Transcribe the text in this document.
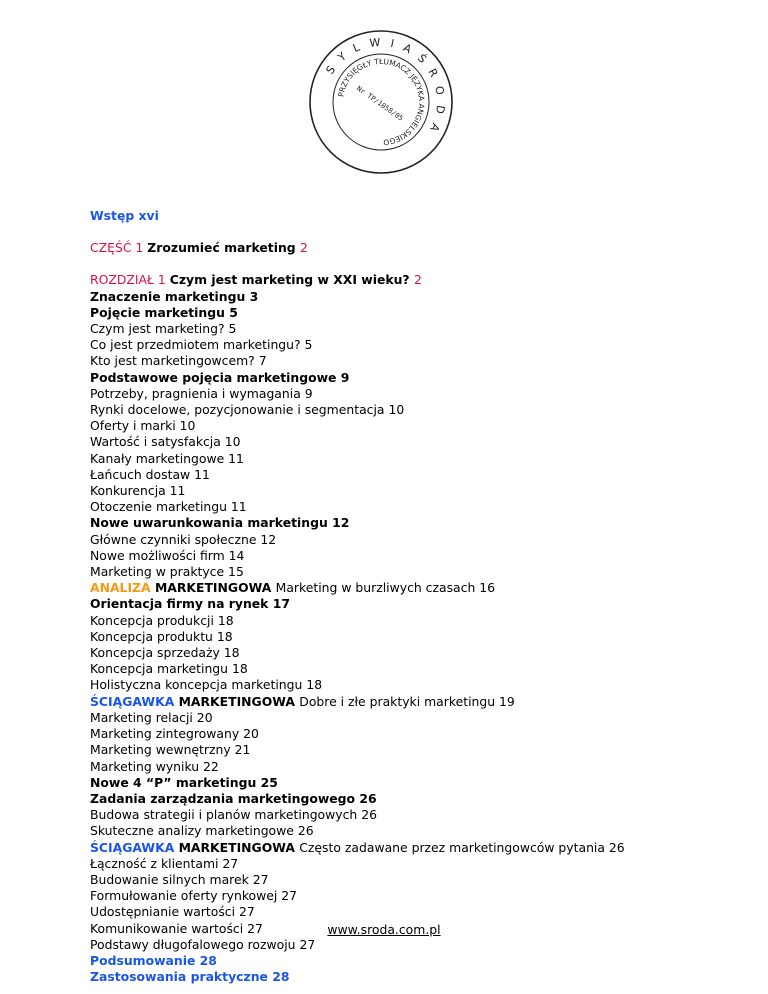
S Y L W I A Ś R O D A
PRZYSIĘGŁY TŁUMACZ JĘZYKA ANGIELSKIEGO
Nr TP/1058/05
Wstęp xvi
CZĘŚĆ 1 Zrozumieć marketing 2
ROZDZIAŁ 1 Czym jest marketing w XXI wieku? 2
Znaczenie marketingu 3
Pojęcie marketingu 5
Czym jest marketing? 5
Co jest przedmiotem marketingu? 5
Kto jest marketingowcem? 7
Podstawowe pojęcia marketingowe 9
Potrzeby, pragnienia i wymagania 9
Rynki docelowe, pozycjonowanie i segmentacja 10
Oferty i marki 10
Wartość i satysfakcja 10
Kanały marketingowe 11
Łańcuch dostaw 11
Konkurencja 11
Otoczenie marketingu 11
Nowe uwarunkowania marketingu 12
Główne czynniki społeczne 12
Nowe możliwości firm 14
Marketing w praktyce 15
ANALIZA MARKETINGOWA Marketing w burzliwych czasach 16
Orientacja firmy na rynek 17
Koncepcja produkcji 18
Koncepcja produktu 18
Koncepcja sprzedaży 18
Koncepcja marketingu 18
Holistyczna koncepcja marketingu 18
ŚCIĄGAWKA MARKETINGOWA Dobre i złe praktyki marketingu 19
Marketing relacji 20
Marketing zintegrowany 20
Marketing wewnętrzny 21
Marketing wyniku 22
Nowe 4 “P” marketingu 25
Zadania zarządzania marketingowego 26
Budowa strategii i planów marketingowych 26
Skuteczne analizy marketingowe 26
ŚCIĄGAWKA MARKETINGOWA Często zadawane przez marketingowców pytania 26
Łączność z klientami 27
Budowanie silnych marek 27
Formułowanie oferty rynkowej 27
Udostępnianie wartości 27
Komunikowanie wartości 27
Podstawy długofalowego rozwoju 27
Podsumowanie 28
Zastosowania praktyczne 28
www.sroda.com.pl
